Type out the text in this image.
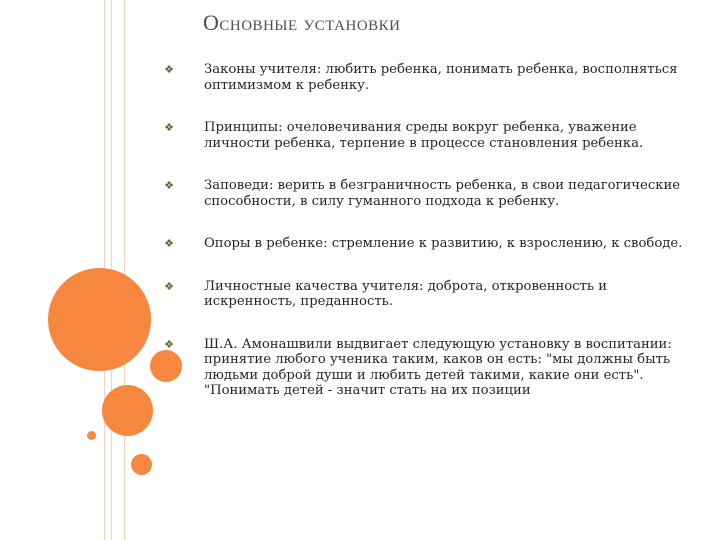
Основные установки
❖ Законы учителя: любить ребенка, понимать ребенка, восполняться оптимизмом к ребенку.
❖ Принципы: очеловечивания среды вокруг ребенка, уважение личности ребенка, терпение в процессе становления ребенка.
❖ Заповеди: верить в безграничность ребенка, в свои педагогические способности, в силу гуманного подхода к ребенку.
❖ Опоры в ребенке: стремление к развитию, к взрослению, к свободе.
❖ Личностные качества учителя: доброта, откровенность и искренность, преданность.
❖ Ш.А. Амонашвили выдвигает следующую установку в воспитании: принятие любого ученика таким, каков он есть: "мы должны быть людьми доброй души и любить детей такими, какие они есть". "Понимать детей - значит стать на их позиции
